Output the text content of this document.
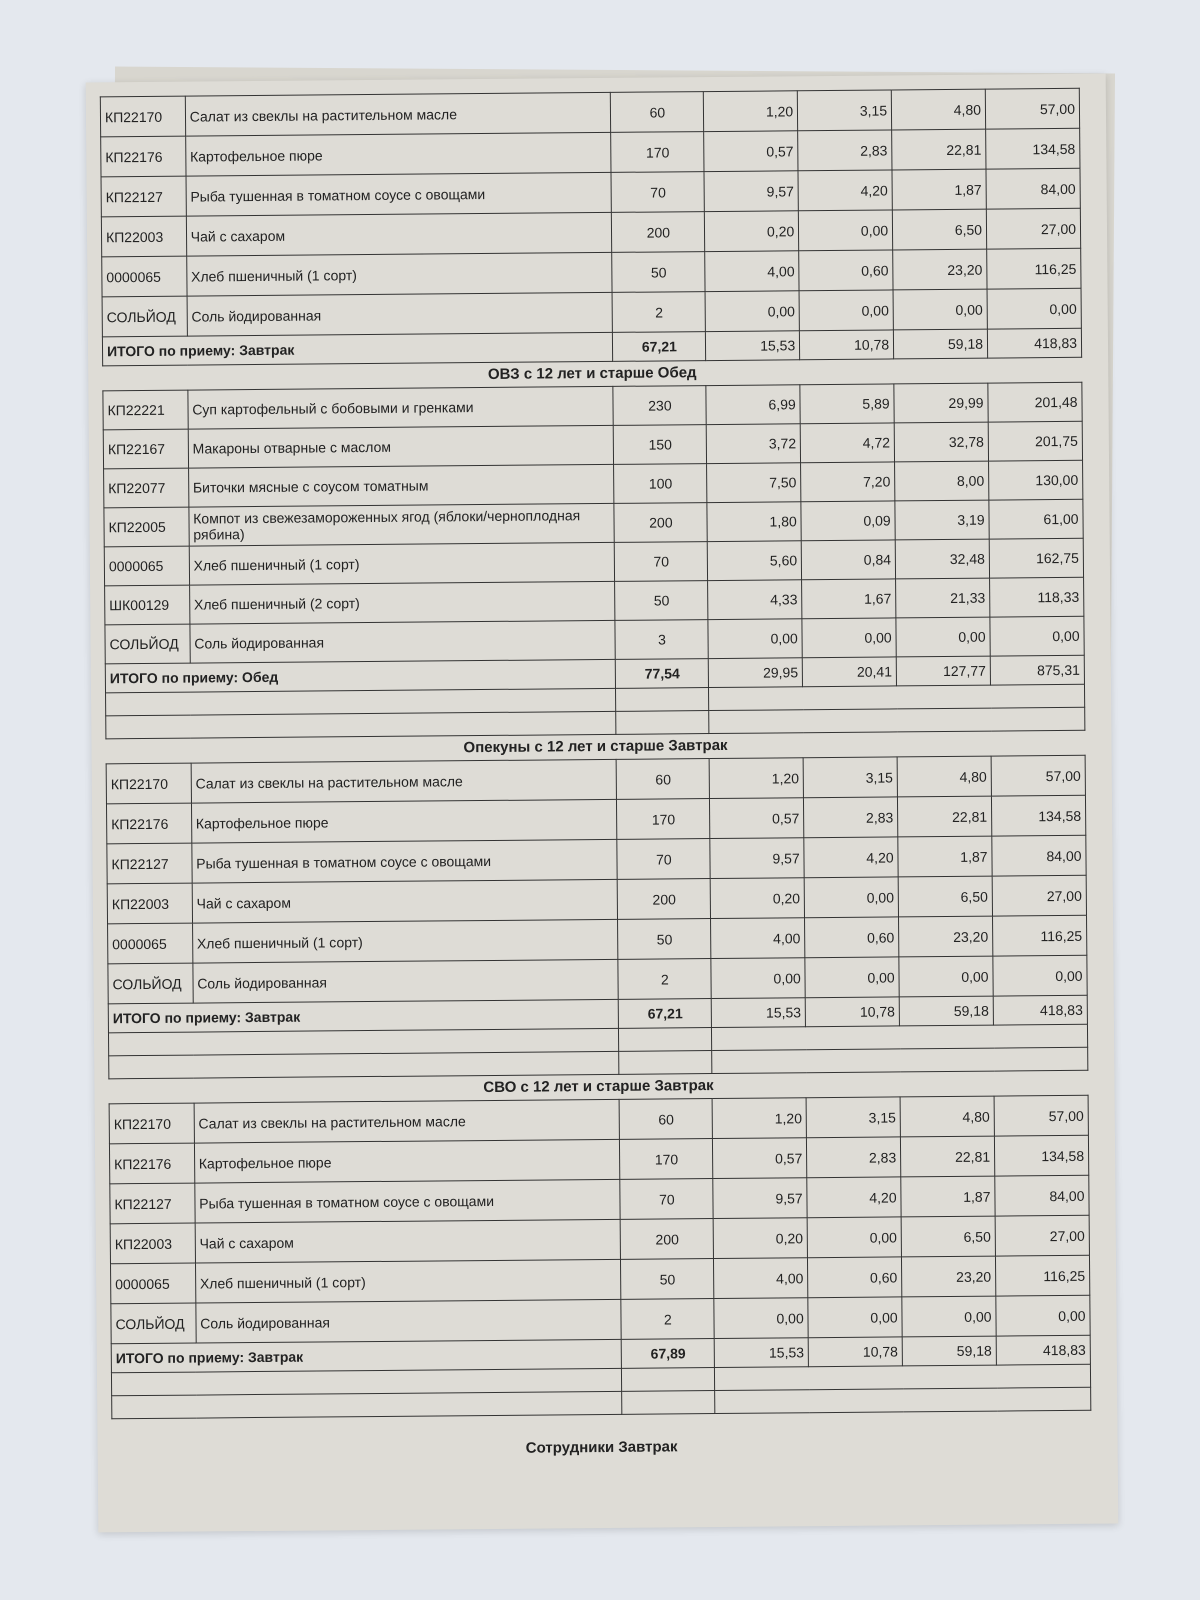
КП22170	Салат из свеклы на растительном масле	60	1,20	3,15	4,80	57,00
КП22176	Картофельное пюре	170	0,57	2,83	22,81	134,58
КП22127	Рыба тушенная в томатном соусе с овощами	70	9,57	4,20	1,87	84,00
КП22003	Чай с сахаром	200	0,20	0,00	6,50	27,00
0000065	Хлеб пшеничный (1 сорт)	50	4,00	0,60	23,20	116,25
СОЛЬЙОД	Соль йодированная	2	0,00	0,00	0,00	0,00
ИТОГО по приему: Завтрак		67,21	15,53	10,78	59,18	418,83
ОВЗ с 12 лет и старше Обед
КП22221	Суп картофельный с бобовыми и гренками	230	6,99	5,89	29,99	201,48
КП22167	Макароны отварные с маслом	150	3,72	4,72	32,78	201,75
КП22077	Биточки мясные с соусом томатным	100	7,50	7,20	8,00	130,00
КП22005	Компот из свежезамороженных ягод (яблоки/черноплодная рябина)	200	1,80	0,09	3,19	61,00
0000065	Хлеб пшеничный (1 сорт)	70	5,60	0,84	32,48	162,75
ШК00129	Хлеб пшеничный (2 сорт)	50	4,33	1,67	21,33	118,33
СОЛЬЙОД	Соль йодированная	3	0,00	0,00	0,00	0,00
ИТОГО по приему: Обед		77,54	29,95	20,41	127,77	875,31

Опекуны с 12 лет и старше Завтрак
КП22170	Салат из свеклы на растительном масле	60	1,20	3,15	4,80	57,00
КП22176	Картофельное пюре	170	0,57	2,83	22,81	134,58
КП22127	Рыба тушенная в томатном соусе с овощами	70	9,57	4,20	1,87	84,00
КП22003	Чай с сахаром	200	0,20	0,00	6,50	27,00
0000065	Хлеб пшеничный (1 сорт)	50	4,00	0,60	23,20	116,25
СОЛЬЙОД	Соль йодированная	2	0,00	0,00	0,00	0,00
ИТОГО по приему: Завтрак		67,21	15,53	10,78	59,18	418,83

СВО с 12 лет и старше Завтрак
КП22170	Салат из свеклы на растительном масле	60	1,20	3,15	4,80	57,00
КП22176	Картофельное пюре	170	0,57	2,83	22,81	134,58
КП22127	Рыба тушенная в томатном соусе с овощами	70	9,57	4,20	1,87	84,00
КП22003	Чай с сахаром	200	0,20	0,00	6,50	27,00
0000065	Хлеб пшеничный (1 сорт)	50	4,00	0,60	23,20	116,25
СОЛЬЙОД	Соль йодированная	2	0,00	0,00	0,00	0,00
ИТОГО по приему: Завтрак		67,89	15,53	10,78	59,18	418,83

Сотрудники Завтрак
